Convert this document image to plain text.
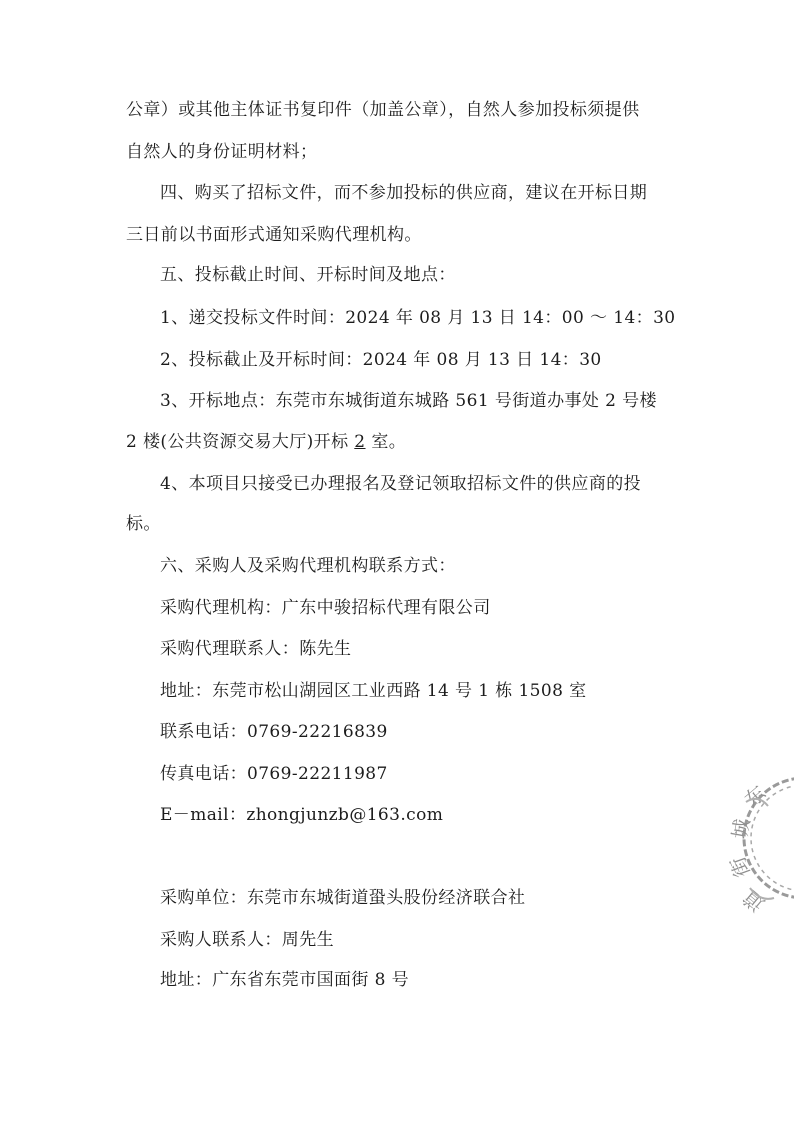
公章）或其他主体证书复印件（加盖公章），自然人参加投标须提供
自然人的身份证明材料；
四、购买了招标文件，而不参加投标的供应商，建议在开标日期
三日前以书面形式通知采购代理机构。
五、投标截止时间、开标时间及地点：
1、递交投标文件时间：2024 年 08 月 13 日 14：00 ～ 14：30
2、投标截止及开标时间：2024 年 08 月 13 日 14：30
3、开标地点：东莞市东城街道东城路 561 号街道办事处 2 号楼
2 楼(公共资源交易大厅)开标 2 室。
4、本项目只接受已办理报名及登记领取招标文件的供应商的投
标。
六、采购人及采购代理机构联系方式：
采购代理机构：广东中骏招标代理有限公司
采购代理联系人：陈先生
地址：东莞市松山湖园区工业西路 14 号 1 栋 1508 室
联系电话：0769-22216839
传真电话：0769-22211987
E－mail：zhongjunzb@163.com
采购单位：东莞市东城街道蛩头股份经济联合社
采购人联系人：周先生
地址：广东省东莞市国面街 8 号
东
城
街
道
